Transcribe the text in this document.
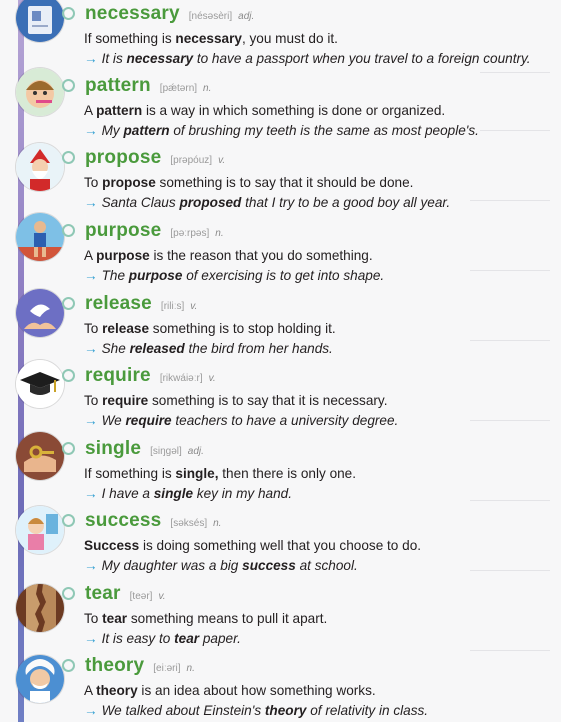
necessary [nésəsèri] adj.
If something is necessary, you must do it.
→ It is necessary to have a passport when you travel to a foreign country.
pattern [pǽtərn] n.
A pattern is a way in which something is done or organized.
→ My pattern of brushing my teeth is the same as most people's.
propose [prəpóuz] v.
To propose something is to say that it should be done.
→ Santa Claus proposed that I try to be a good boy all year.
purpose [pəːrpəs] n.
A purpose is the reason that you do something.
→ The purpose of exercising is to get into shape.
release [riliːs] v.
To release something is to stop holding it.
→ She released the bird from her hands.
require [rikwáiəːr] v.
To require something is to say that it is necessary.
→ We require teachers to have a university degree.
single [siŋgəl] adj.
If something is single, then there is only one.
→ I have a single key in my hand.
success [səksés] n.
Success is doing something well that you choose to do.
→ My daughter was a big success at school.
tear [teər] v.
To tear something means to pull it apart.
→ It is easy to tear paper.
theory [eiːəri] n.
A theory is an idea about how something works.
→ We talked about Einstein's theory of relativity in class.
